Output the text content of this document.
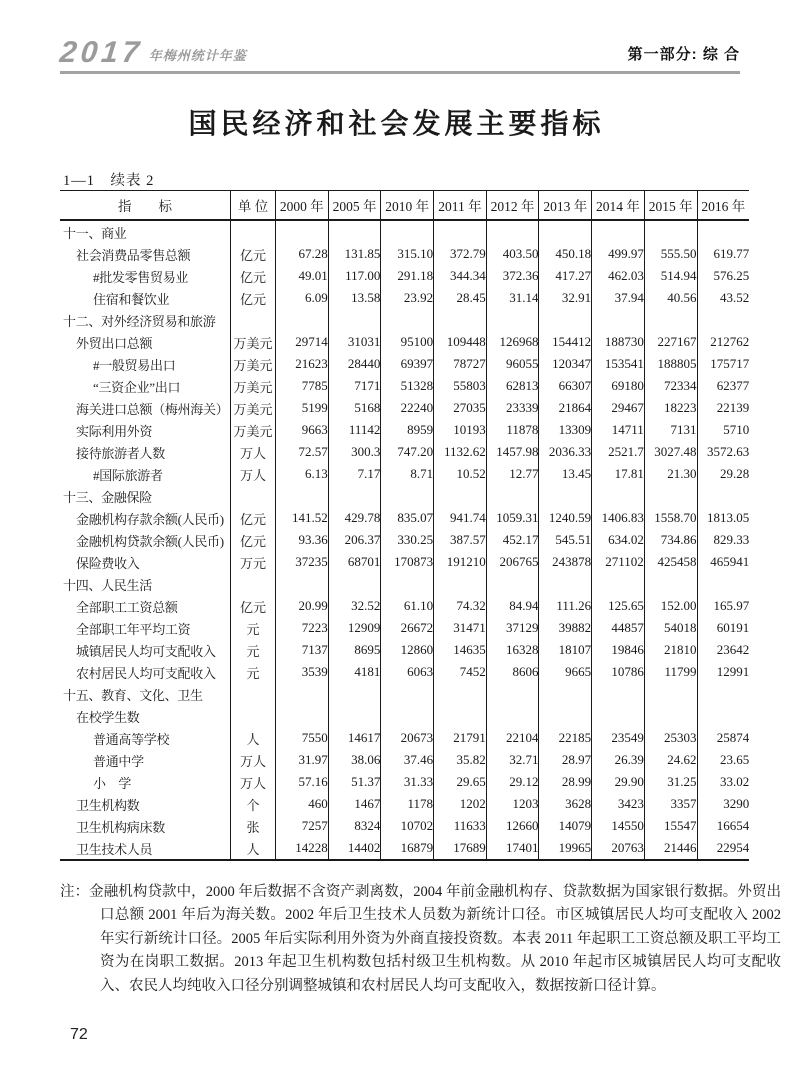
2017 年梅州统计年鉴	第一部分: 综 合
国民经济和社会发展主要指标
1—1　续表 2
指　　标	单 位	2000 年	2005 年	2010 年	2011 年	2012 年	2013 年	2014 年	2015 年	2016 年
十一、商业										
社会消费品零售总额	亿元	67.28	131.85	315.10	372.79	403.50	450.18	499.97	555.50	619.77
#批发零售贸易业	亿元	49.01	117.00	291.18	344.34	372.36	417.27	462.03	514.94	576.25
住宿和餐饮业	亿元	6.09	13.58	23.92	28.45	31.14	32.91	37.94	40.56	43.52
十二、对外经济贸易和旅游										
外贸出口总额	万美元	29714	31031	95100	109448	126968	154412	188730	227167	212762
#一般贸易出口	万美元	21623	28440	69397	78727	96055	120347	153541	188805	175717
“三资企业”出口	万美元	7785	7171	51328	55803	62813	66307	69180	72334	62377
海关进口总额（梅州海关）	万美元	5199	5168	22240	27035	23339	21864	29467	18223	22139
实际利用外资	万美元	9663	11142	8959	10193	11878	13309	14711	7131	5710
接待旅游者人数	万人	72.57	300.3	747.20	1132.62	1457.98	2036.33	2521.7	3027.48	3572.63
#国际旅游者	万人	6.13	7.17	8.71	10.52	12.77	13.45	17.81	21.30	29.28
十三、金融保险										
金融机构存款余额(人民币)	亿元	141.52	429.78	835.07	941.74	1059.31	1240.59	1406.83	1558.70	1813.05
金融机构贷款余额(人民币)	亿元	93.36	206.37	330.25	387.57	452.17	545.51	634.02	734.86	829.33
保险费收入	万元	37235	68701	170873	191210	206765	243878	271102	425458	465941
十四、人民生活										
全部职工工资总额	亿元	20.99	32.52	61.10	74.32	84.94	111.26	125.65	152.00	165.97
全部职工年平均工资	元	7223	12909	26672	31471	37129	39882	44857	54018	60191
城镇居民人均可支配收入	元	7137	8695	12860	14635	16328	18107	19846	21810	23642
农村居民人均可支配收入	元	3539	4181	6063	7452	8606	9665	10786	11799	12991
十五、教育、文化、卫生										
在校学生数										
普通高等学校	人	7550	14617	20673	21791	22104	22185	23549	25303	25874
普通中学	万人	31.97	38.06	37.46	35.82	32.71	28.97	26.39	24.62	23.65
小　学	万人	57.16	51.37	31.33	29.65	29.12	28.99	29.90	31.25	33.02
卫生机构数	个	460	1467	1178	1202	1203	3628	3423	3357	3290
卫生机构病床数	张	7257	8324	10702	11633	12660	14079	14550	15547	16654
卫生技术人员	人	14228	14402	16879	17689	17401	19965	20763	21446	22954

注：金融机构贷款中，2000 年后数据不含资产剥离数，2004 年前金融机构存、贷款数据为国家银行数据。外贸出口总额 2001 年后为海关数。2002 年后卫生技术人员数为新统计口径。市区城镇居民人均可支配收入 2002 年实行新统计口径。2005 年后实际利用外资为外商直接投资数。本表 2011 年起职工工资总额及职工平均工资为在岗职工数据。2013 年起卫生机构数包括村级卫生机构数。从 2010 年起市区城镇居民人均可支配收入、农民人均纯收入口径分别调整城镇和农村居民人均可支配收入，数据按新口径计算。

72
